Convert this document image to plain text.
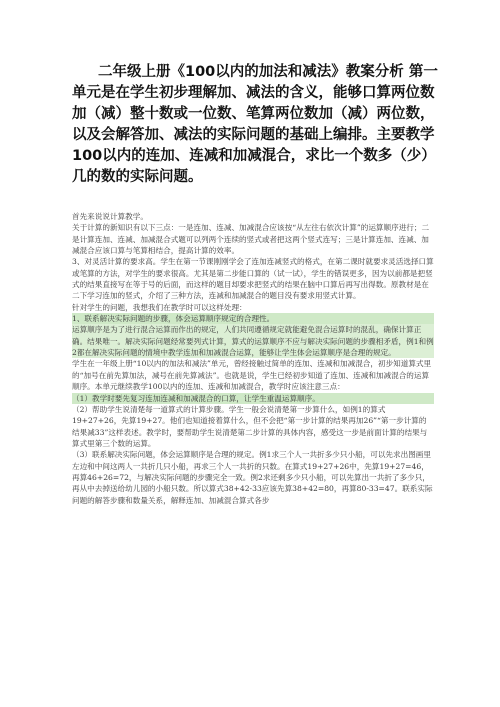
二年级上册《100以内的加法和减法》教案分析 第一单元是在学生初步理解加、减法的含义，能够口算两位数加（减）整十数或一位数、笔算两位数加（减）两位数，以及会解答加、减法的实际问题的基础上编排。主要教学100以内的连加、连减和加减混合，求比一个数多（少）几的数的实际问题。

首先来说说计算教学。

关于计算的新知识有以下三点：一是连加、连减、加减混合应该按“从左往右依次计算”的运算顺序进行；二是计算连加、连减、加减混合式题可以列两个连续的竖式或者把这两个竖式连写；三是计算连加、连减、加减混合应该口算与笔算相结合，提高计算的效率。

3、对灵活计算的要求高。学生在第一节课刚刚学会了连加连减竖式的格式，在第二课时就要求灵活选择口算或笔算的方法，对学生的要求很高。尤其是第二步能口算的（试一试），学生的错误更多，因为以前都是把竖式的结果直接写在等于号的后面，而这样的题目却要求把竖式的结果在脑中口算后再写出得数。原教材是在二下学习连加的竖式，介绍了三种方法，连减和加减混合的题目没有要求用竖式计算。

针对学生的问题，我想我们在教学时可以这样处理：

1、联系解决实际问题的步骤，体会运算顺序规定的合理性。

运算顺序是为了进行混合运算而作出的规定，人们共同遵循规定就能避免混合运算时的混乱，确保计算正确。结果唯一。解决实际问题经常要列式计算，算式的运算顺序不应与解决实际问题的步骤相矛盾，例1和例2都在解决实际问题的情境中教学连加和加减混合运算，能够让学生体会运算顺序是合理的规定。

学生在一年级上册“10以内的加法和减法”单元，曾经接触过简单的连加、连减和加减混合，初步知道算式里的“加号在前先算加法，减号在前先算减法”。也就是说，学生已经初步知道了连加、连减和加减混合的运算顺序。本单元继续教学100以内的连加、连减和加减混合，教学时应该注意三点：

（1）教学时要先复习连加连减和加减混合的口算，让学生重温运算顺序。

（2）帮助学生说清楚每一道算式的计算步骤。学生一般会说清楚第一步算什么，如例1的算式19+27+26，先算19+27。他们也知道接着算什么，但不会把“第一步计算的结果再加26”“第一步计算的结果减33”这样表述。教学时，要帮助学生说清楚第二步计算的具体内容，感受这一步是前面计算的结果与算式里第三个数的运算。

（3）联系解决实际问题，体会运算顺序是合理的规定。例1求三个人一共折多少只小船，可以先求出图画里左边和中间这两人一共折几只小船，再求三个人一共折的只数。在算式19+27+26中，先算19+27=46，再算46+26=72，与解决实际问题的步骤完全一致。例2求还剩多少只小船，可以先算出一共折了多少只，再从中去掉送给幼儿园的小船只数。所以算式38+42-33应该先算38+42=80，再算80-33=47。联系实际问题的解答步骤和数量关系，解释连加、加减混合算式各步
